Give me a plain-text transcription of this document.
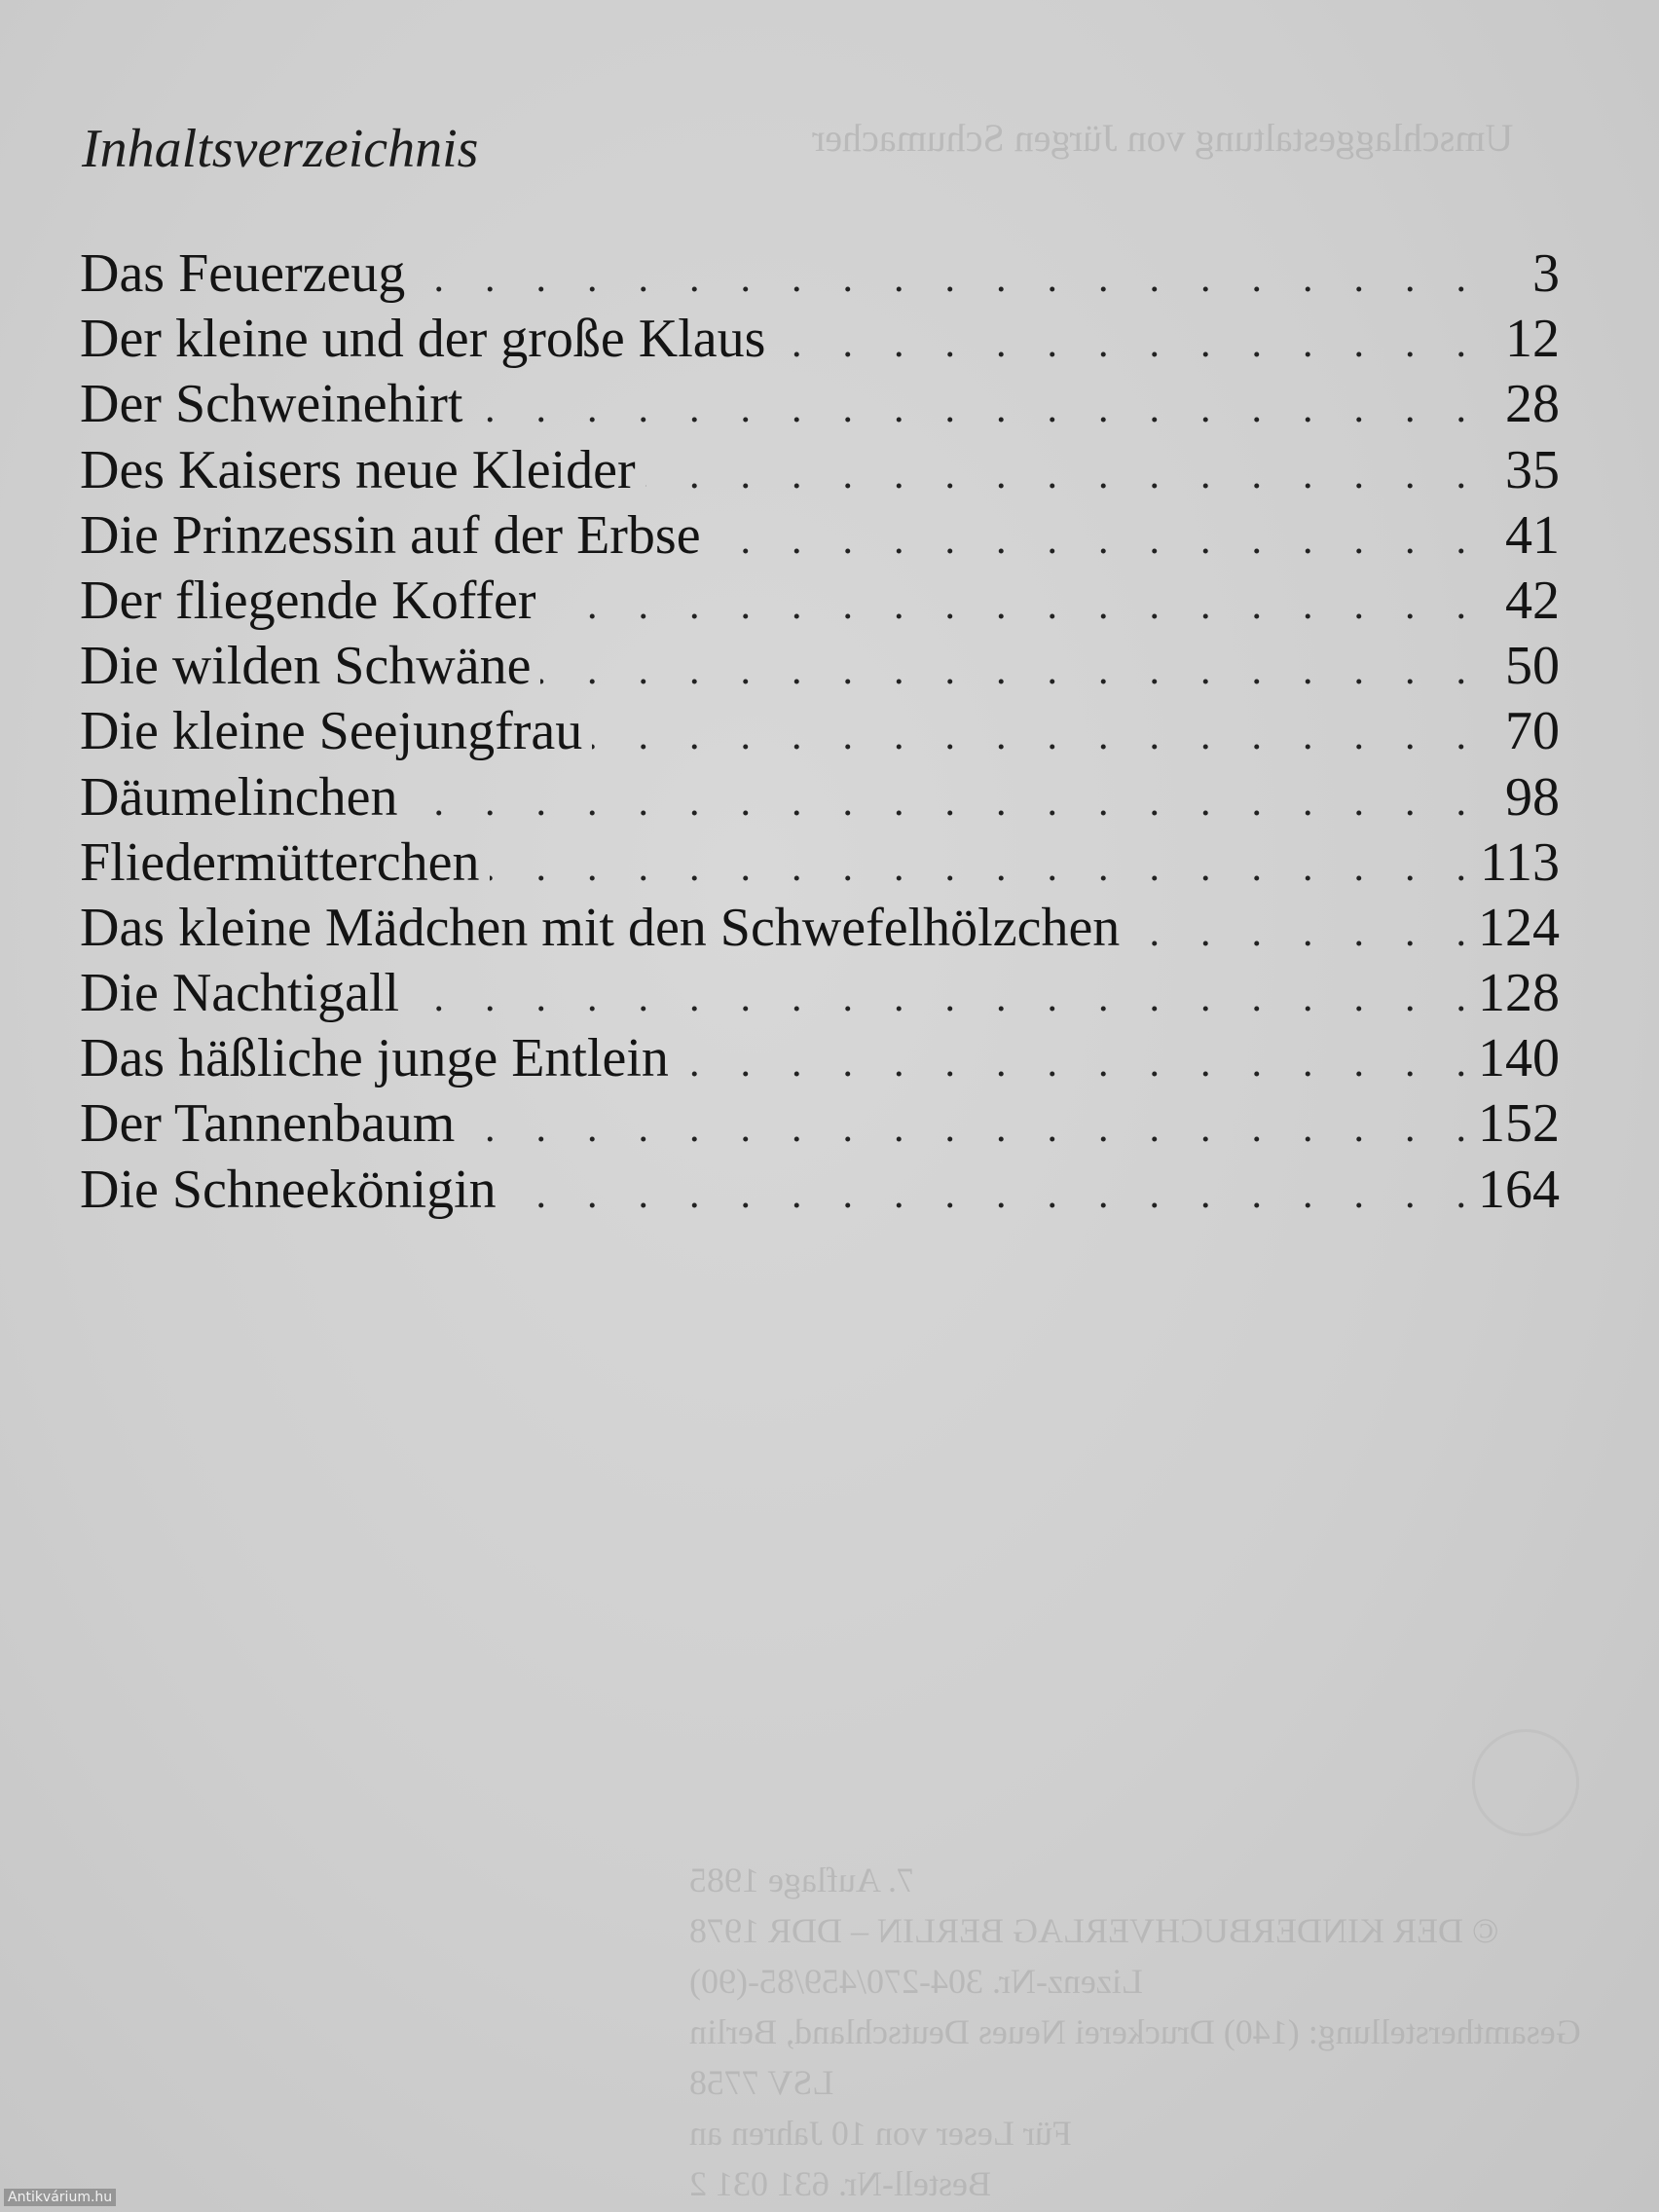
Umschlaggestaltung von Jürgen Schumacher
Inhaltsverzeichnis
Das Feuerzeug .	3
Der kleine und der große Klaus .	12
Der Schweinehirt .	28
Des Kaisers neue Kleider .	35
Die Prinzessin auf der Erbse .	41
Der fliegende Koffer .	42
Die wilden Schwäne .	50
Die kleine Seejungfrau .	70
Däumelinchen .	98
Fliedermütterchen .	113
Das kleine Mädchen mit den Schwefelhölzchen .	124
Die Nachtigall .	128
Das häßliche junge Entlein .	140
Der Tannenbaum .	152
Die Schneekönigin .	164
7. Auflage 1985
© DER KINDERBUCHVERLAG BERLIN – DDR 1978
Lizenz-Nr. 304-270/459/85-(90)
Gesamtherstellung: (140) Druckerei Neues Deutschland, Berlin
LSV 7758
Für Leser von 10 Jahren an
Bestell-Nr. 631 031 2
Antikvárium.hu
